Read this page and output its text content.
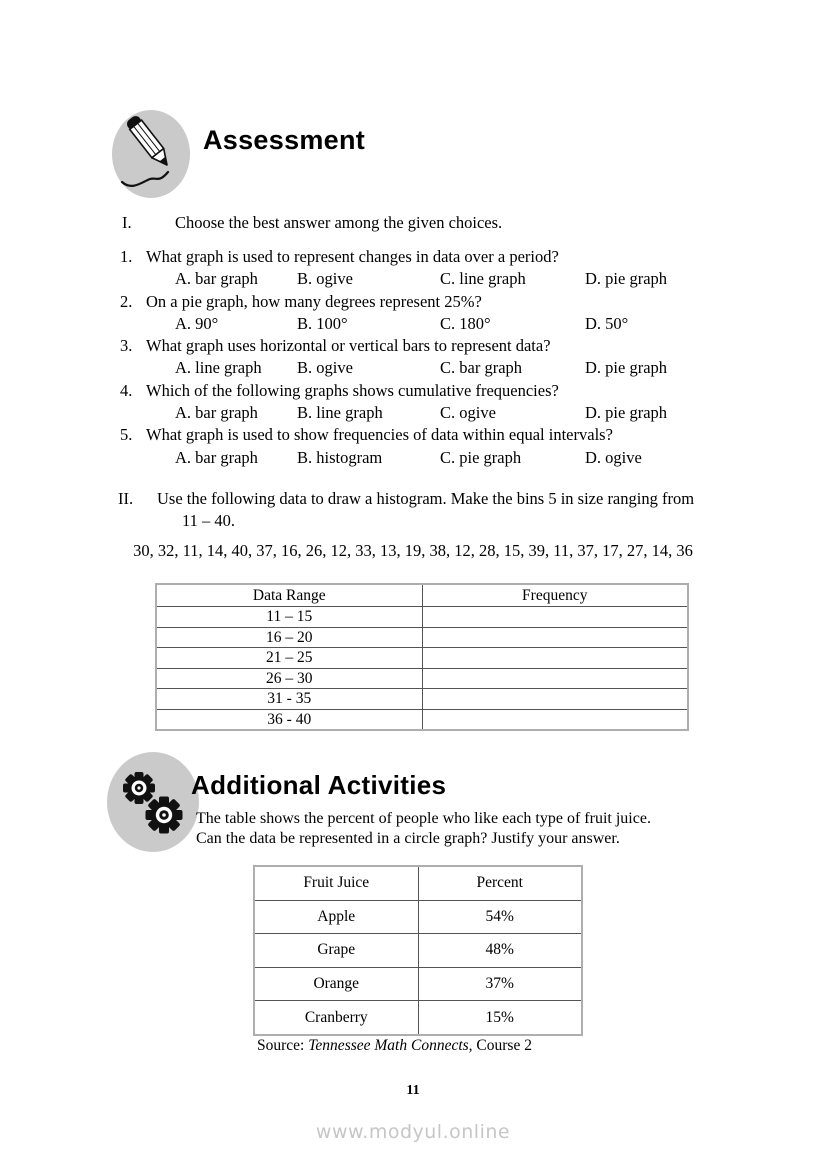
Assessment
I.	Choose the best answer among the given choices.
1. What graph is used to represent changes in data over a period?
A. bar graph	B. ogive	C. line graph	D. pie graph
2. On a pie graph, how many degrees represent 25%?
A. 90°	B. 100°	C. 180°	D. 50°
3. What graph uses horizontal or vertical bars to represent data?
A. line graph	B. ogive	C. bar graph	D. pie graph
4. Which of the following graphs shows cumulative frequencies?
A. bar graph	B. line graph	C. ogive	D. pie graph
5. What graph is used to show frequencies of data within equal intervals?
A. bar graph	B. histogram	C. pie graph	D. ogive
II.	Use the following data to draw a histogram. Make the bins 5 in size ranging from
11 – 40.
30, 32, 11, 14, 40, 37, 16, 26, 12, 33, 13, 19, 38, 12, 28, 15, 39, 11, 37, 17, 27, 14, 36
Data Range	Frequency
11 – 15	
16 – 20	
21 – 25	
26 – 30	
31 - 35	
36 - 40	
Additional Activities
The table shows the percent of people who like each type of fruit juice.
Can the data be represented in a circle graph? Justify your answer.
Fruit Juice	Percent
Apple	54%
Grape	48%
Orange	37%
Cranberry	15%
Source: Tennessee Math Connects, Course 2
11
www.modyul.online
